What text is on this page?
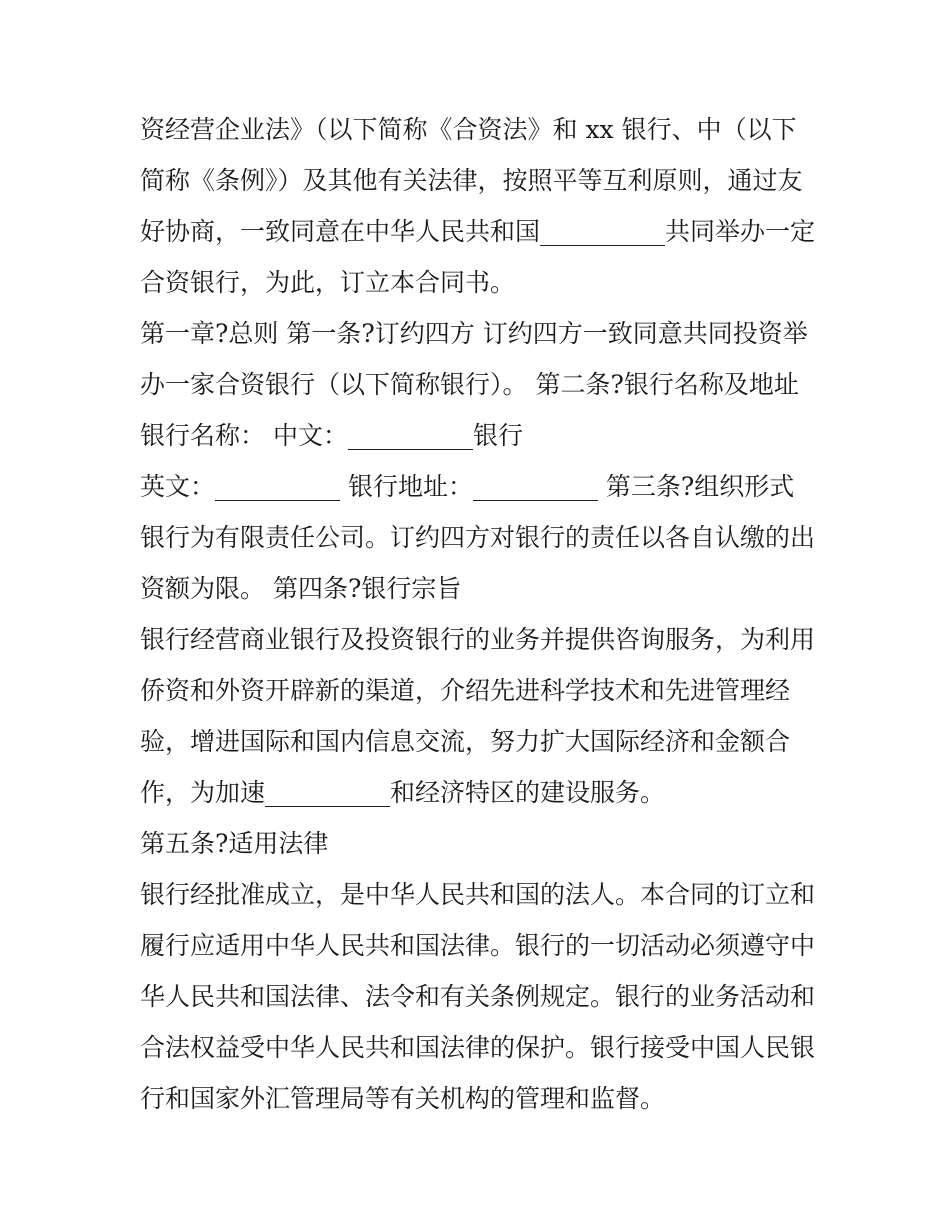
资经营企业法》（以下简称《合资法》和 xx 银行、中（以下
简称《条例》）及其他有关法律，按照平等互利原则，通过友
好协商，一致同意在中华人民共和国__________共同举办一定
合资银行，为此，订立本合同书。
第一章?总则 第一条?订约四方 订约四方一致同意共同投资举
办一家合资银行（以下简称银行）。 第二条?银行名称及地址
银行名称： 中文：__________银行
英文：__________ 银行地址：__________ 第三条?组织形式
银行为有限责任公司。订约四方对银行的责任以各自认缴的出
资额为限。 第四条?银行宗旨
银行经营商业银行及投资银行的业务并提供咨询服务，为利用
侨资和外资开辟新的渠道，介绍先进科学技术和先进管理经
验，增进国际和国内信息交流，努力扩大国际经济和金额合
作，为加速__________和经济特区的建设服务。
第五条?适用法律
银行经批准成立，是中华人民共和国的法人。本合同的订立和
履行应适用中华人民共和国法律。银行的一切活动必须遵守中
华人民共和国法律、法令和有关条例规定。银行的业务活动和
合法权益受中华人民共和国法律的保护。银行接受中国人民银
行和国家外汇管理局等有关机构的管理和监督。
